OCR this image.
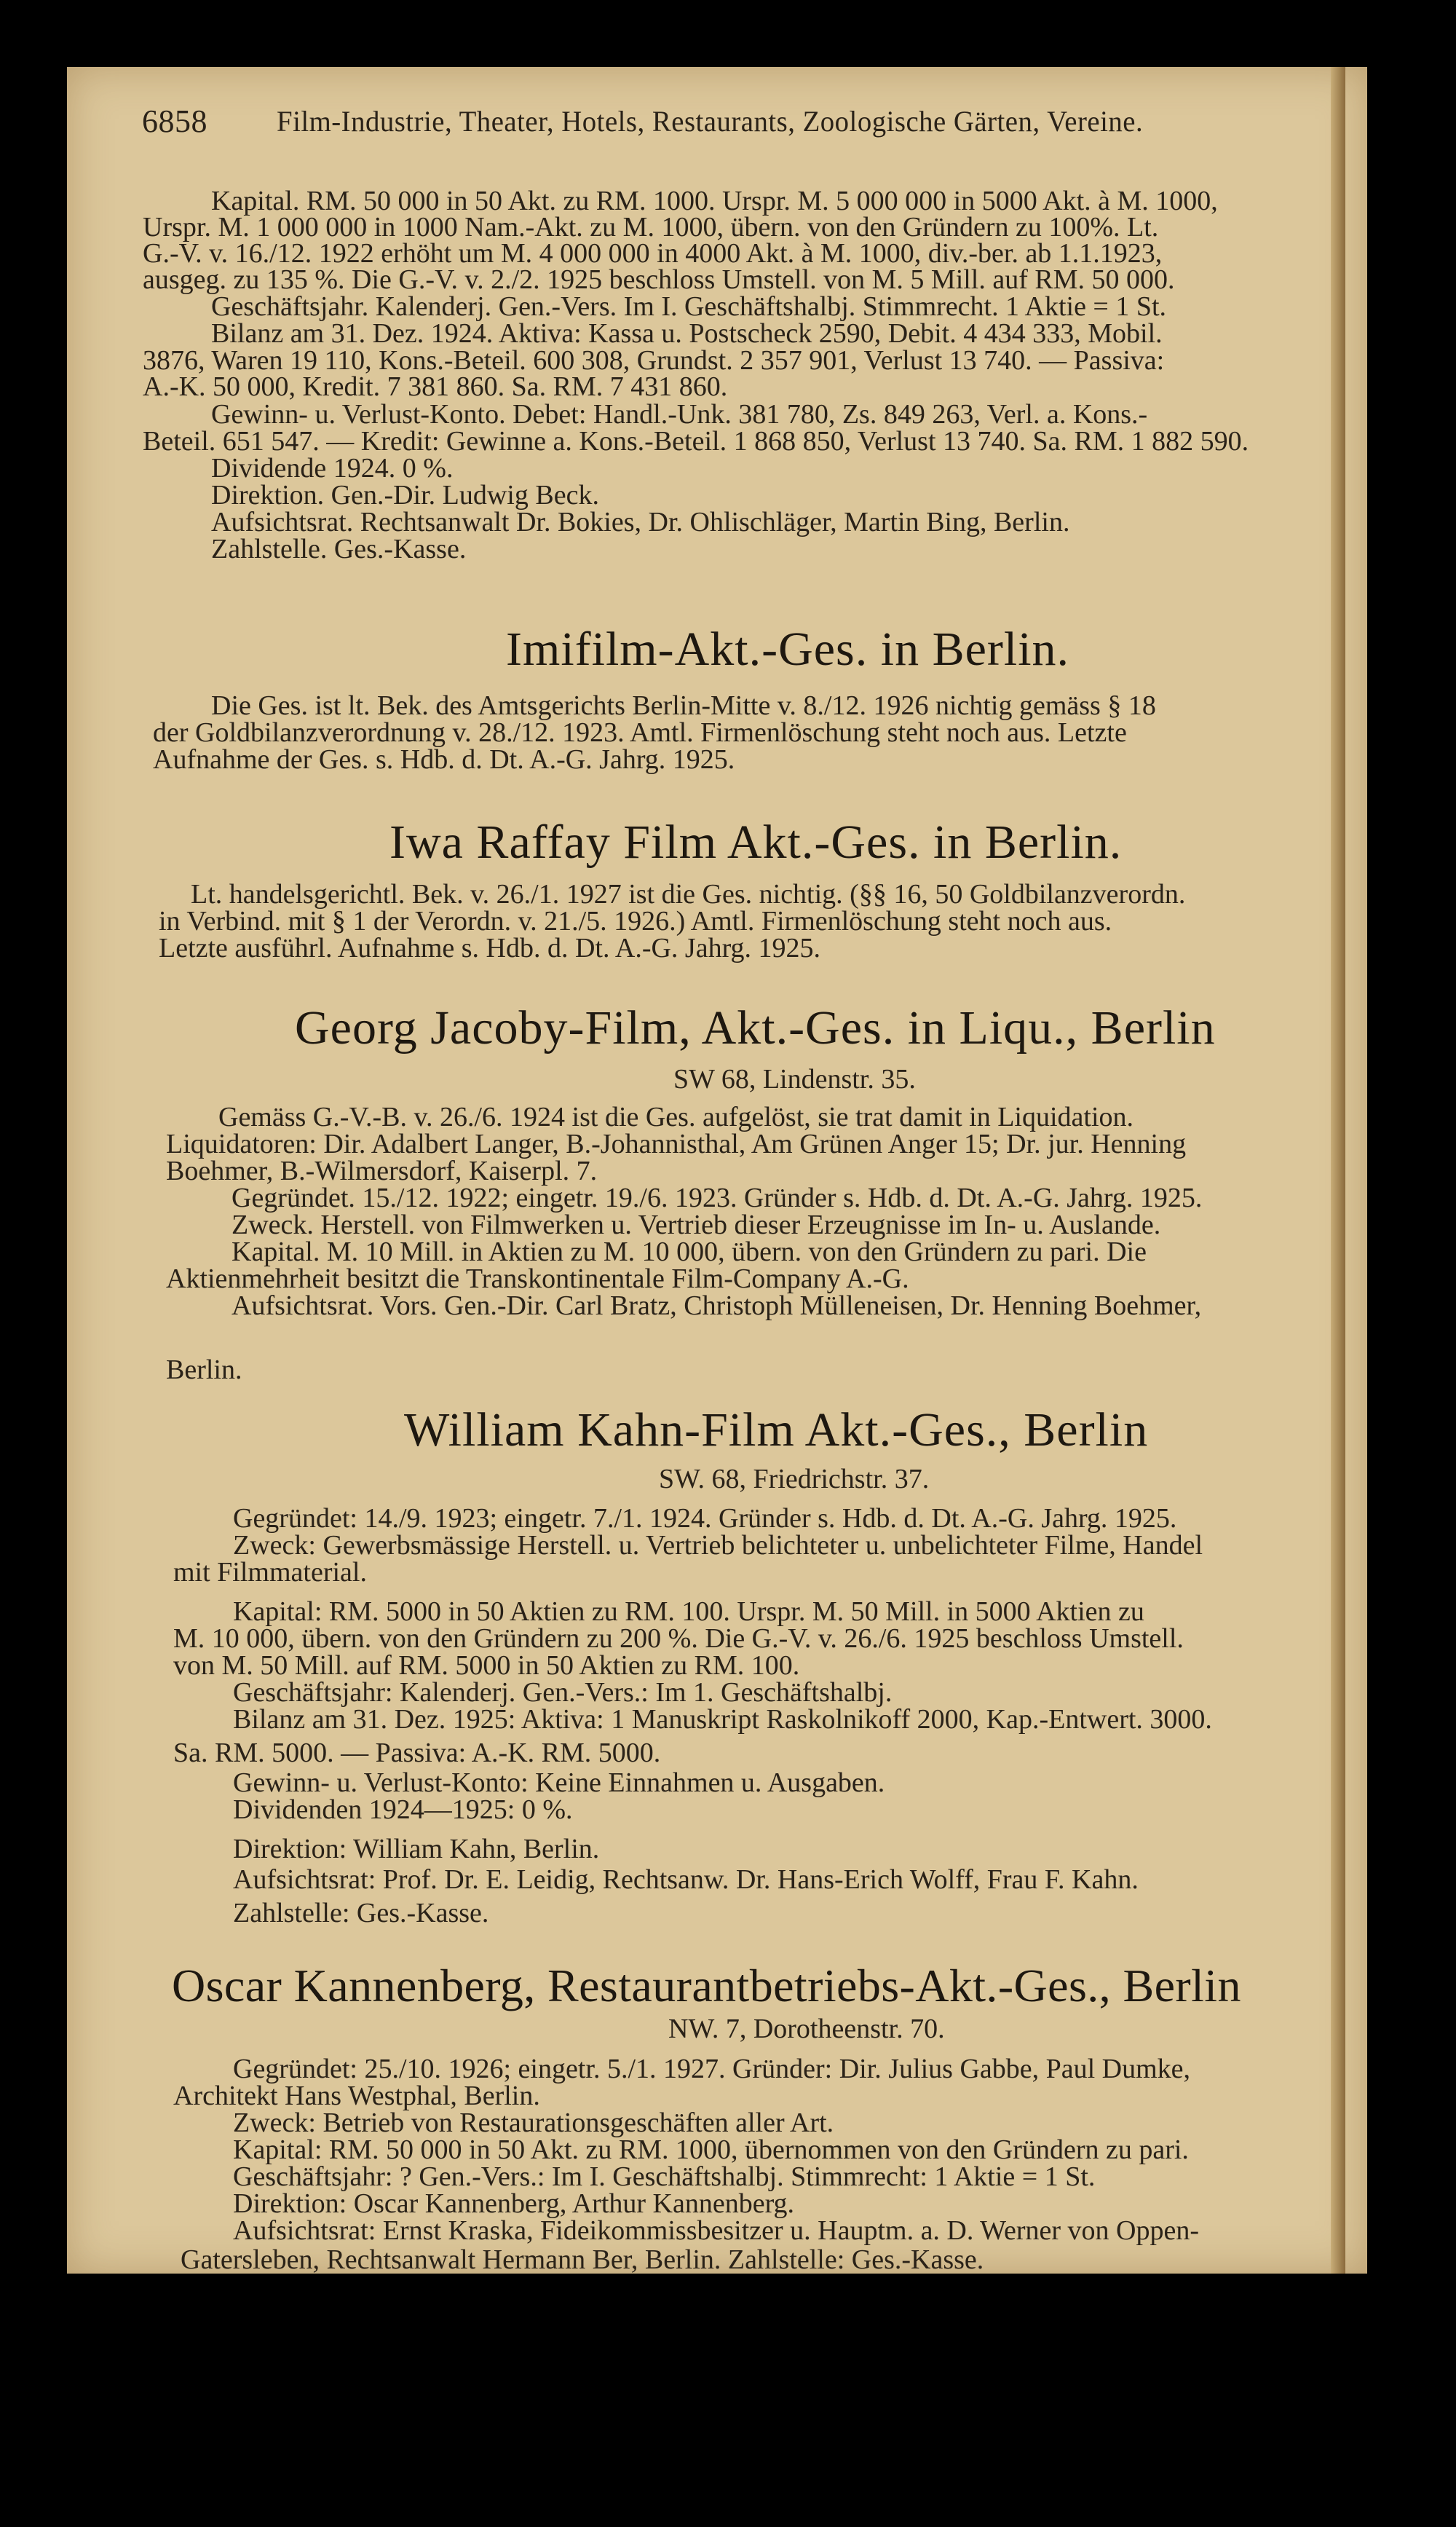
6858 Film-Industrie, Theater, Hotels, Restaurants, Zoologische Gärten, Vereine.
Kapital. RM. 50 000 in 50 Akt. zu RM. 1000. Urspr. M. 5 000 000 in 5000 Akt. à M. 1000,
Urspr. M. 1 000 000 in 1000 Nam.-Akt. zu M. 1000, übern. von den Gründern zu 100%. Lt.
G.-V. v. 16./12. 1922 erhöht um M. 4 000 000 in 4000 Akt. à M. 1000, div.-ber. ab 1.1.1923,
ausgeg. zu 135 %. Die G.-V. v. 2./2. 1925 beschloss Umstell. von M. 5 Mill. auf RM. 50 000.
Geschäftsjahr. Kalenderj. Gen.-Vers. Im I. Geschäftshalbj. Stimmrecht. 1 Aktie = 1 St.
Bilanz am 31. Dez. 1924. Aktiva: Kassa u. Postscheck 2590, Debit. 4 434 333, Mobil.
3876, Waren 19 110, Kons.-Beteil. 600 308, Grundst. 2 357 901, Verlust 13 740. — Passiva:
A.-K. 50 000, Kredit. 7 381 860. Sa. RM. 7 431 860.
Gewinn- u. Verlust-Konto. Debet: Handl.-Unk. 381 780, Zs. 849 263, Verl. a. Kons.-
Beteil. 651 547. — Kredit: Gewinne a. Kons.-Beteil. 1 868 850, Verlust 13 740. Sa. RM. 1 882 590.
Dividende 1924. 0 %.
Direktion. Gen.-Dir. Ludwig Beck.
Aufsichtsrat. Rechtsanwalt Dr. Bokies, Dr. Ohlischläger, Martin Bing, Berlin.
Zahlstelle. Ges.-Kasse.
Imifilm-Akt.-Ges. in Berlin.
Die Ges. ist lt. Bek. des Amtsgerichts Berlin-Mitte v. 8./12. 1926 nichtig gemäss § 18
der Goldbilanzverordnung v. 28./12. 1923. Amtl. Firmenlöschung steht noch aus. Letzte
Aufnahme der Ges. s. Hdb. d. Dt. A.-G. Jahrg. 1925.
Iwa Raffay Film Akt.-Ges. in Berlin.
Lt. handelsgerichtl. Bek. v. 26./1. 1927 ist die Ges. nichtig. (§§ 16, 50 Goldbilanzverordn.
in Verbind. mit § 1 der Verordn. v. 21./5. 1926.) Amtl. Firmenlöschung steht noch aus.
Letzte ausführl. Aufnahme s. Hdb. d. Dt. A.-G. Jahrg. 1925.
Georg Jacoby-Film, Akt.-Ges. in Liqu., Berlin
SW 68, Lindenstr. 35.
Gemäss G.-V.-B. v. 26./6. 1924 ist die Ges. aufgelöst, sie trat damit in Liquidation.
Liquidatoren: Dir. Adalbert Langer, B.-Johannisthal, Am Grünen Anger 15; Dr. jur. Henning
Boehmer, B.-Wilmersdorf, Kaiserpl. 7.
Gegründet. 15./12. 1922; eingetr. 19./6. 1923. Gründer s. Hdb. d. Dt. A.-G. Jahrg. 1925.
Zweck. Herstell. von Filmwerken u. Vertrieb dieser Erzeugnisse im In- u. Auslande.
Kapital. M. 10 Mill. in Aktien zu M. 10 000, übern. von den Gründern zu pari. Die
Aktienmehrheit besitzt die Transkontinentale Film-Company A.-G.
Aufsichtsrat. Vors. Gen.-Dir. Carl Bratz, Christoph Mülleneisen, Dr. Henning Boehmer,
Berlin.
William Kahn-Film Akt.-Ges., Berlin
SW. 68, Friedrichstr. 37.
Gegründet: 14./9. 1923; eingetr. 7./1. 1924. Gründer s. Hdb. d. Dt. A.-G. Jahrg. 1925.
Zweck: Gewerbsmässige Herstell. u. Vertrieb belichteter u. unbelichteter Filme, Handel
mit Filmmaterial.
Kapital: RM. 5000 in 50 Aktien zu RM. 100. Urspr. M. 50 Mill. in 5000 Aktien zu
M. 10 000, übern. von den Gründern zu 200 %. Die G.-V. v. 26./6. 1925 beschloss Umstell.
von M. 50 Mill. auf RM. 5000 in 50 Aktien zu RM. 100.
Geschäftsjahr: Kalenderj. Gen.-Vers.: Im 1. Geschäftshalbj.
Bilanz am 31. Dez. 1925: Aktiva: 1 Manuskript Raskolnikoff 2000, Kap.-Entwert. 3000.
Sa. RM. 5000. — Passiva: A.-K. RM. 5000.
Gewinn- u. Verlust-Konto: Keine Einnahmen u. Ausgaben.
Dividenden 1924—1925: 0 %.
Direktion: William Kahn, Berlin.
Aufsichtsrat: Prof. Dr. E. Leidig, Rechtsanw. Dr. Hans-Erich Wolff, Frau F. Kahn.
Zahlstelle: Ges.-Kasse.
Oscar Kannenberg, Restaurantbetriebs-Akt.-Ges., Berlin
NW. 7, Dorotheenstr. 70.
Gegründet: 25./10. 1926; eingetr. 5./1. 1927. Gründer: Dir. Julius Gabbe, Paul Dumke,
Architekt Hans Westphal, Berlin.
Zweck: Betrieb von Restaurationsgeschäften aller Art.
Kapital: RM. 50 000 in 50 Akt. zu RM. 1000, übernommen von den Gründern zu pari.
Geschäftsjahr: ? Gen.-Vers.: Im I. Geschäftshalbj. Stimmrecht: 1 Aktie = 1 St.
Direktion: Oscar Kannenberg, Arthur Kannenberg.
Aufsichtsrat: Ernst Kraska, Fideikommissbesitzer u. Hauptm. a. D. Werner von Oppen-
Gatersleben, Rechtsanwalt Hermann Ber, Berlin. Zahlstelle: Ges.-Kasse.
